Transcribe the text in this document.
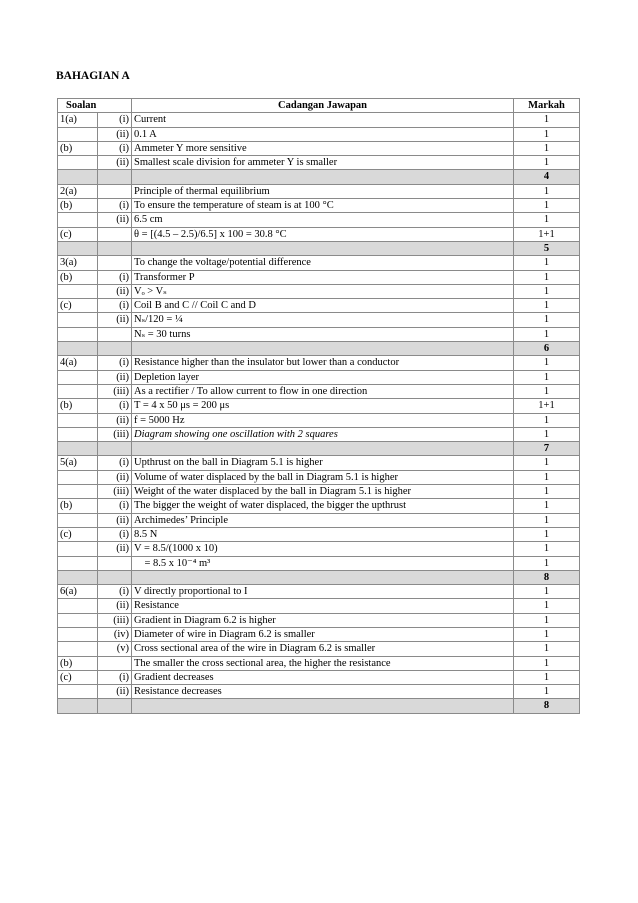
BAHAGIAN A
Soalan		Cadangan Jawapan	Markah
1(a)	(i)	Current	1
	(ii)	0.1 A	1
(b)	(i)	Ammeter Y more sensitive	1
	(ii)	Smallest scale division for ammeter Y is smaller	1
			4
2(a)		Principle of thermal equilibrium	1
(b)	(i)	To ensure the temperature of steam is at 100 °C	1
	(ii)	6.5 cm	1
(c)		θ = [(4.5 – 2.5)/6.5] x 100 = 30.8 °C	1+1
			5
3(a)		To change the voltage/potential difference	1
(b)	(i)	Transformer P	1
	(ii)	Vₒ > Vₛ	1
(c)	(i)	Coil B and C // Coil C and D	1
	(ii)	Nₛ/120 = ¼	1
		Nₛ = 30 turns	1
			6
4(a)	(i)	Resistance higher than the insulator but lower than a conductor	1
	(ii)	Depletion layer	1
	(iii)	As a rectifier / To allow current to flow in one direction	1
(b)	(i)	T = 4 x 50 μs = 200 μs	1+1
	(ii)	f = 5000 Hz	1
	(iii)	Diagram showing one oscillation with 2 squares	1
			7
5(a)	(i)	Upthrust on the ball in Diagram 5.1 is higher	1
	(ii)	Volume of water displaced by the ball in Diagram 5.1 is higher	1
	(iii)	Weight of the water displaced by the ball in Diagram 5.1 is higher	1
(b)	(i)	The bigger the weight of water displaced, the bigger the upthrust	1
	(ii)	Archimedes’ Principle	1
(c)	(i)	8.5 N	1
	(ii)	V = 8.5/(1000 x 10)	1
		= 8.5 x 10⁻⁴ m³	1
			8
6(a)	(i)	V directly proportional to I	1
	(ii)	Resistance	1
	(iii)	Gradient in Diagram 6.2 is higher	1
	(iv)	Diameter of wire in Diagram 6.2 is smaller	1
	(v)	Cross sectional area of the wire in Diagram 6.2 is smaller	1
(b)		The smaller the cross sectional area, the higher the resistance	1
(c)	(i)	Gradient decreases	1
	(ii)	Resistance decreases	1
			8
